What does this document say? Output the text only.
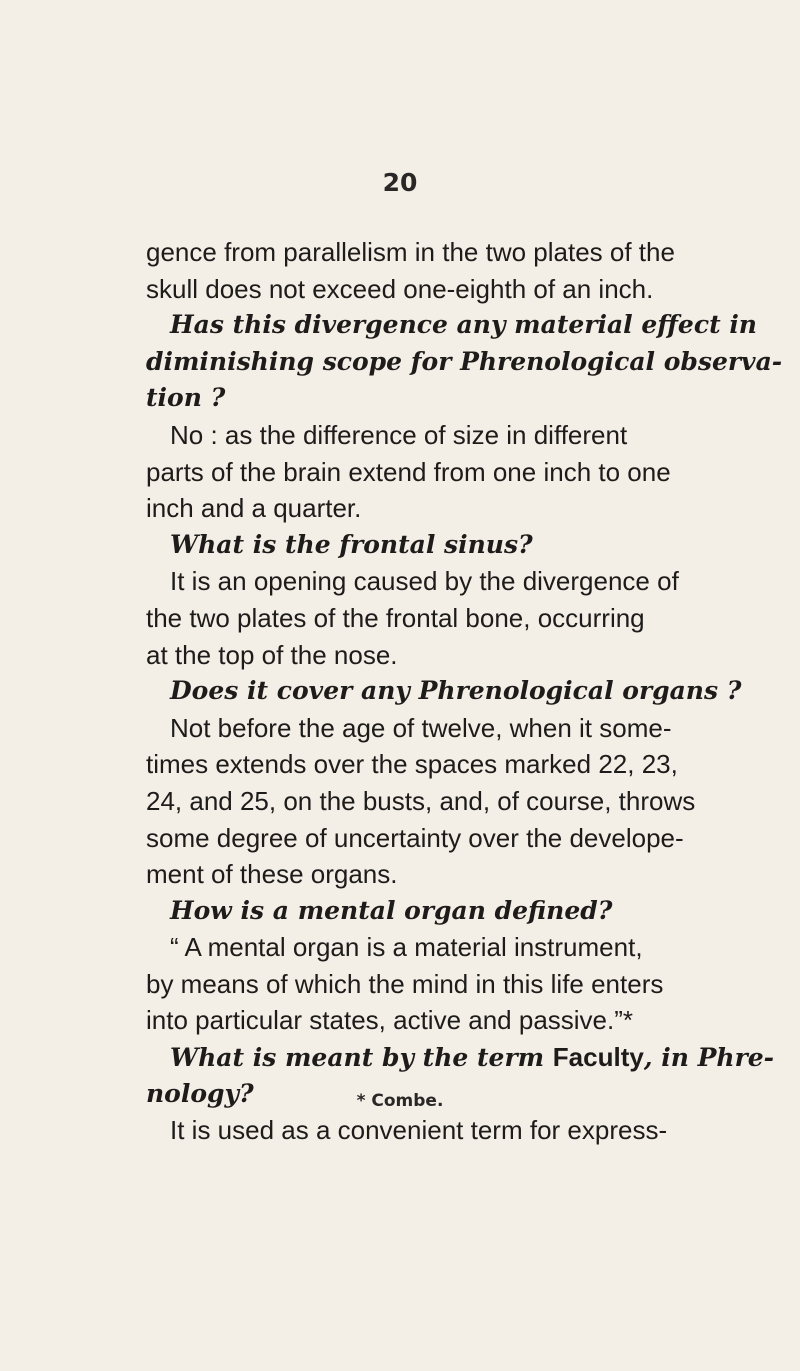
20
gence from parallelism in the two plates of the
skull does not exceed one-eighth of an inch.
Has this divergence any material effect in
diminishing scope for Phrenological observa-
tion ?
No : as the difference of size in different
parts of the brain extend from one inch to one
inch and a quarter.
What is the frontal sinus?
It is an opening caused by the divergence of
the two plates of the frontal bone, occurring
at the top of the nose.
Does it cover any Phrenological organs ?
Not before the age of twelve, when it some-
times extends over the spaces marked 22, 23,
24, and 25, on the busts, and, of course, throws
some degree of uncertainty over the develope-
ment of these organs.
How is a mental organ defined?
“ A mental organ is a material instrument,
by means of which the mind in this life enters
into particular states, active and passive.”*
What is meant by the term Faculty, in Phre-
nology?
It is used as a convenient term for express-
* Combe.
